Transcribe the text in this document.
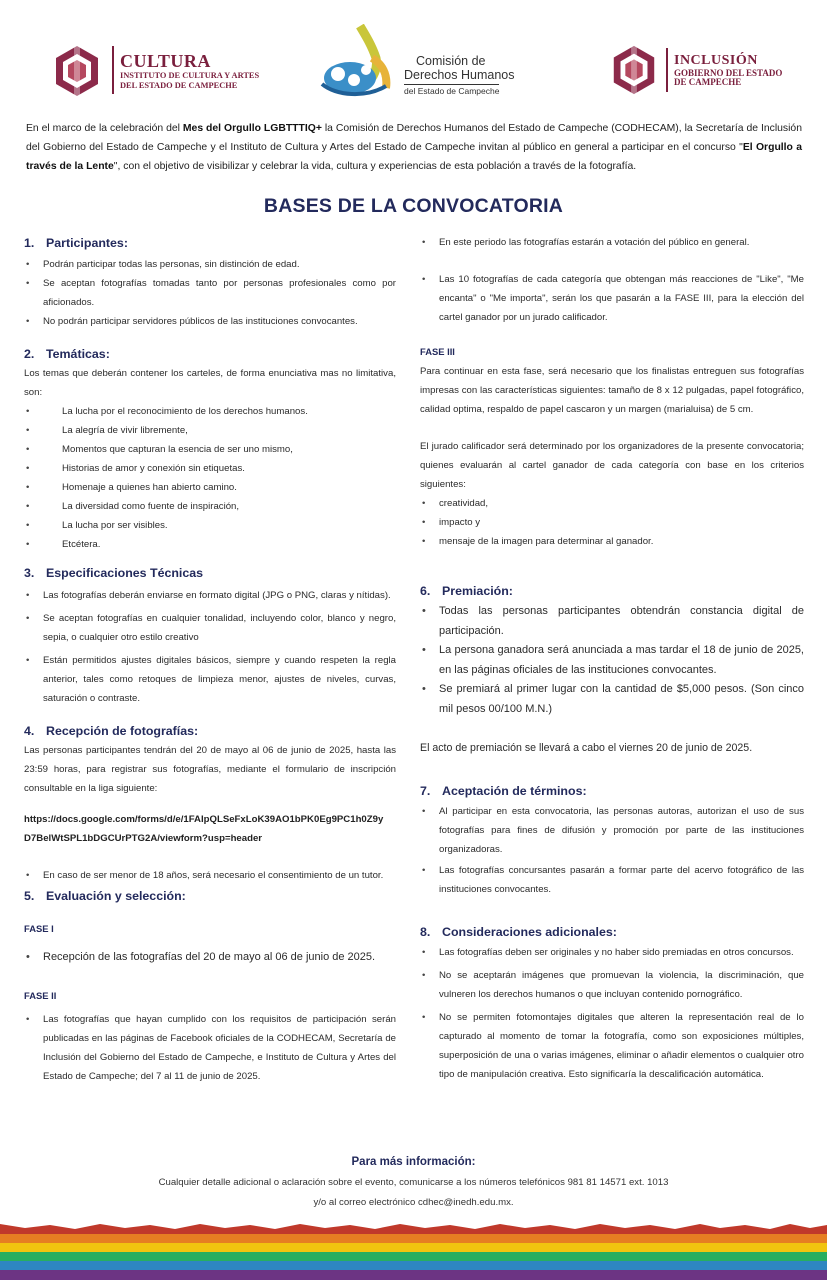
CULTURA
INSTITUTO DE CULTURA Y ARTES
DEL ESTADO DE CAMPECHE
Comisión de
Derechos Humanos
del Estado de Campeche
INCLUSIÓN
GOBIERNO DEL ESTADO
DE CAMPECHE

En el marco de la celebración del Mes del Orgullo LGBTTTIQ+ la Comisión de Derechos Humanos del Estado de Campeche (CODHECAM), la Secretaría de Inclusión del Gobierno del Estado de Campeche y el Instituto de Cultura y Artes del Estado de Campeche invitan al público en general a participar en el concurso "El Orgullo a través de la Lente", con el objetivo de visibilizar y celebrar la vida, cultura y experiencias de esta población a través de la fotografía.

BASES DE LA CONVOCATORIA
1. Participantes:
• Podrán participar todas las personas, sin distinción de edad.
• Se aceptan fotografías tomadas tanto por personas profesionales como por aficionados.
• No podrán participar servidores públicos de las instituciones convocantes.
2. Temáticas:

Los temas que deberán contener los carteles, de forma enunciativa mas no limitativa, son:

• La lucha por el reconocimiento de los derechos humanos.
• La alegría de vivir libremente,
• Momentos que capturan la esencia de ser uno mismo,
• Historias de amor y conexión sin etiquetas.
• Homenaje a quienes han abierto camino.
• La diversidad como fuente de inspiración,
• La lucha por ser visibles.
• Etcétera.
3. Especificaciones Técnicas
• Las fotografías deberán enviarse en formato digital (JPG o PNG, claras y nítidas).
• Se aceptan fotografías en cualquier tonalidad, incluyendo color, blanco y negro, sepia, o cualquier otro estilo creativo
• Están permitidos ajustes digitales básicos, siempre y cuando respeten la regla anterior, tales como retoques de limpieza menor, ajustes de niveles, curvas, saturación o contraste.
4. Recepción de fotografías:

Las personas participantes tendrán del 20 de mayo al 06 de junio de 2025, hasta las 23:59 horas, para registrar sus fotografías, mediante el formulario de inscripción consultable en la liga siguiente:

https://docs.google.com/forms/d/e/1FAIpQLSeFxLoK39AO1bPK0Eg9PC1h0Z9y
D7BelWtSPL1bDGCUrPTG2A/viewform?usp=header
• En caso de ser menor de 18 años, será necesario el consentimiento de un tutor.
5. Evaluación y selección:
FASE I
• Recepción de las fotografías del 20 de mayo al 06 de junio de 2025.
FASE II
• Las fotografías que hayan cumplido con los requisitos de participación serán publicadas en las páginas de Facebook oficiales de la CODHECAM, Secretaría de Inclusión del Gobierno del Estado de Campeche, e Instituto de Cultura y Artes del Estado de Campeche; del 7 al 11 de junio de 2025.
• En este periodo las fotografías estarán a votación del público en general.
• Las 10 fotografías de cada categoría que obtengan más reacciones de "Like", "Me encanta" o "Me importa", serán los que pasarán a la FASE III, para la elección del cartel ganador por un jurado calificador.
FASE III

Para continuar en esta fase, será necesario que los finalistas entreguen sus fotografías impresas con las características siguientes: tamaño de 8 x 12 pulgadas, papel fotográfico, calidad optima, respaldo de papel cascaron y un margen (marialuisa) de 5 cm.

El jurado calificador será determinado por los organizadores de la presente convocatoria; quienes evaluarán al cartel ganador de cada categoría con base en los criterios siguientes:

• creatividad,
• impacto y
• mensaje de la imagen para determinar al ganador.
6. Premiación:
• Todas las personas participantes obtendrán constancia digital de participación.
• La persona ganadora será anunciada a mas tardar el 18 de junio de 2025, en las páginas oficiales de las instituciones convocantes.
• Se premiará al primer lugar con la cantidad de $5,000 pesos. (Son cinco mil pesos 00/100 M.N.)

El acto de premiación se llevará a cabo el viernes 20 de junio de 2025.

7. Aceptación de términos:
• Al participar en esta convocatoria, las personas autoras, autorizan el uso de sus fotografías para fines de difusión y promoción por parte de las instituciones organizadoras.
• Las fotografías concursantes pasarán a formar parte del acervo fotográfico de las instituciones convocantes.
8. Consideraciones adicionales:
• Las fotografías deben ser originales y no haber sido premiadas en otros concursos.
• No se aceptarán imágenes que promuevan la violencia, la discriminación, que vulneren los derechos humanos o que incluyan contenido pornográfico.
• No se permiten fotomontajes digitales que alteren la representación real de lo capturado al momento de tomar la fotografía, como son exposiciones múltiples, superposición de una o varias imágenes, eliminar o añadir elementos o cualquier otro tipo de manipulación creativa. Esto significaría la descalificación automática.
Para más información:
Cualquier detalle adicional o aclaración sobre el evento, comunicarse a los números telefónicos 981 81 14571 ext. 1013
y/o al correo electrónico cdhec@inedh.edu.mx.
